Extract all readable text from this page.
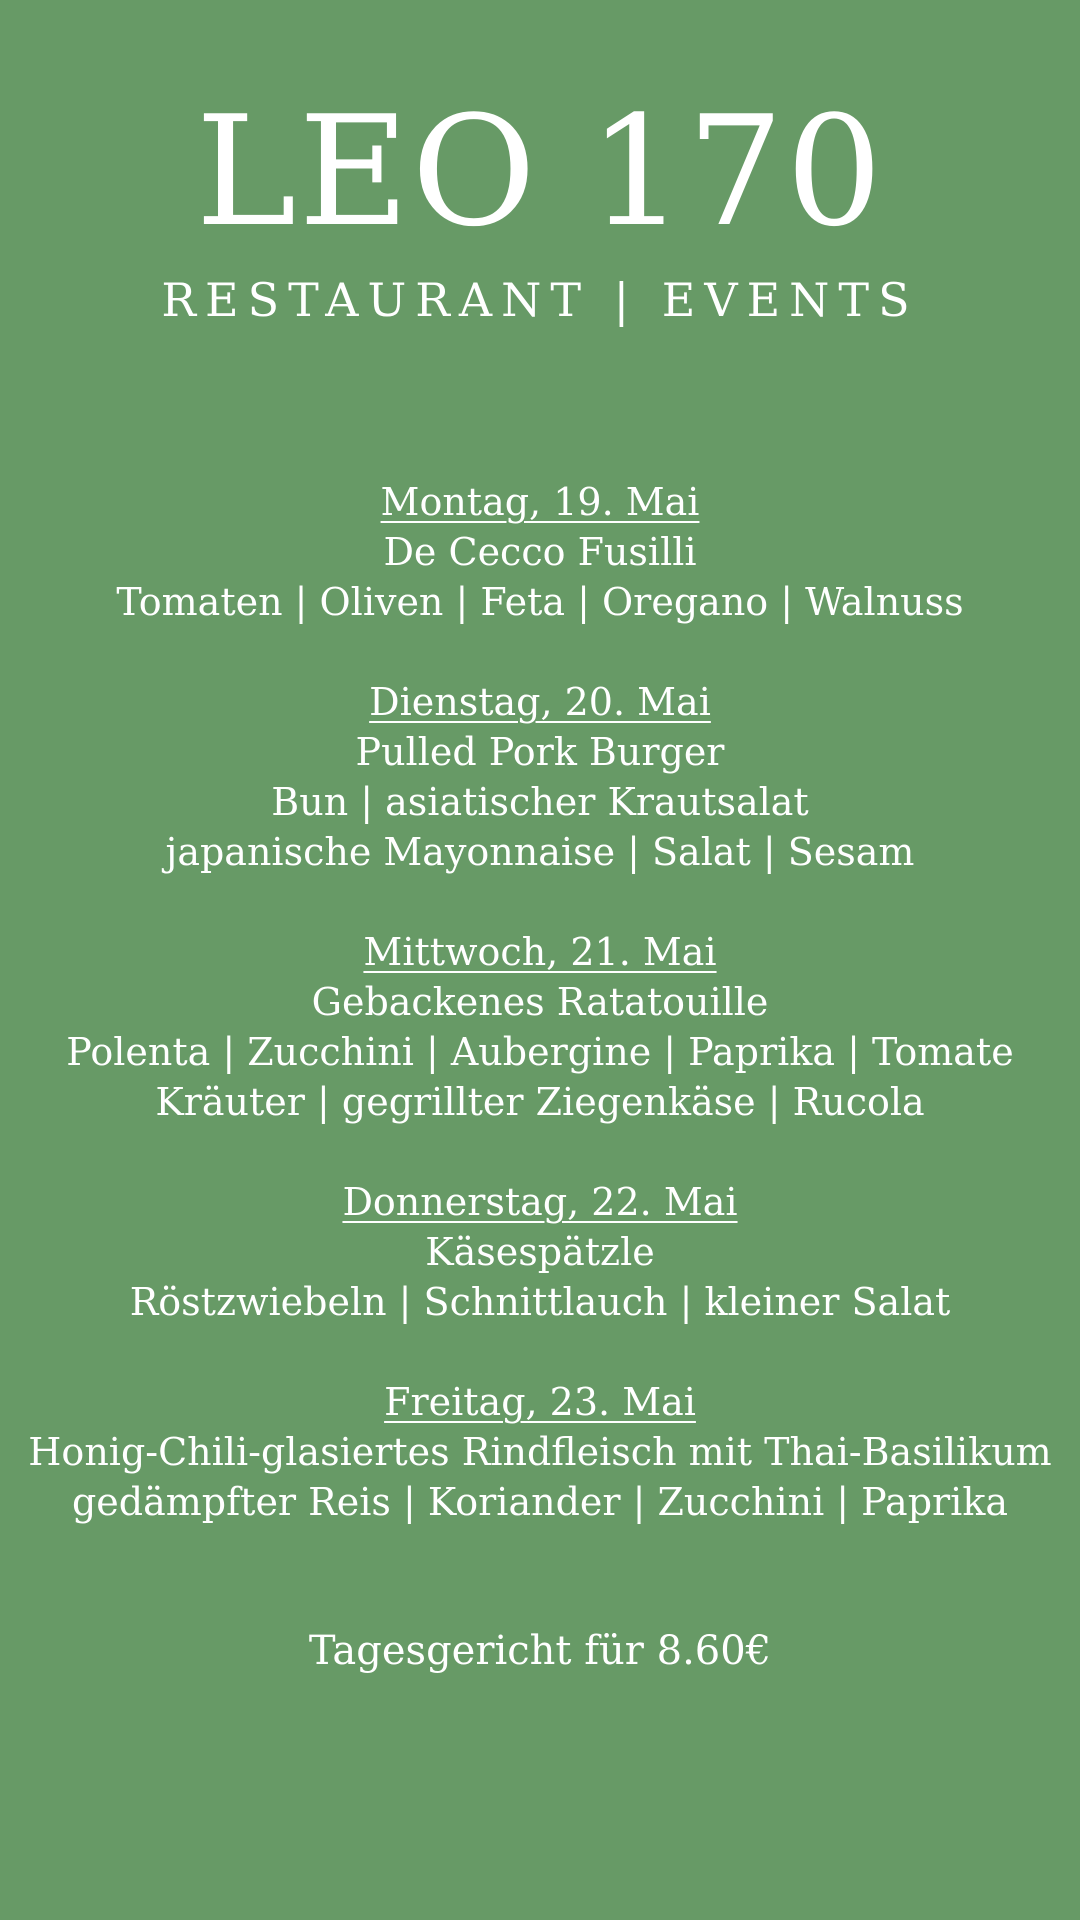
LEO 170
RESTAURANT | EVENTS
Montag, 19. Mai
De Cecco Fusilli
Tomaten | Oliven | Feta | Oregano | Walnuss
Dienstag, 20. Mai
Pulled Pork Burger
Bun | asiatischer Krautsalat
japanische Mayonnaise | Salat | Sesam
Mittwoch, 21. Mai
Gebackenes Ratatouille
Polenta | Zucchini | Aubergine | Paprika | Tomate
Kräuter | gegrillter Ziegenkäse | Rucola
Donnerstag, 22. Mai
Käsespätzle
Röstzwiebeln | Schnittlauch | kleiner Salat
Freitag, 23. Mai
Honig-Chili-glasiertes Rindfleisch mit Thai-Basilikum
gedämpfter Reis | Koriander | Zucchini | Paprika
Tagesgericht für 8.60€
